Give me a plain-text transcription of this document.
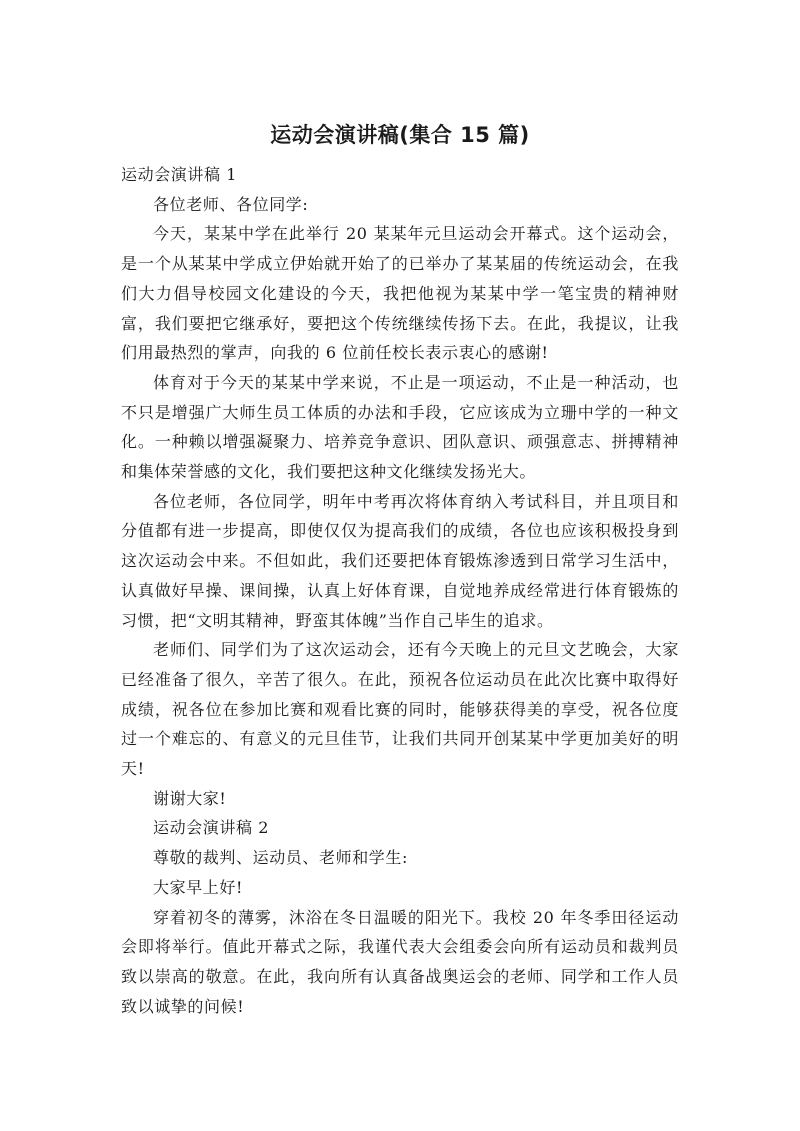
运动会演讲稿(集合 15 篇)

运动会演讲稿 1

各位老师、各位同学:

今天，某某中学在此举行 20 某某年元旦运动会开幕式。这个运动会，是一个从某某中学成立伊始就开始了的已举办了某某届的传统运动会，在我们大力倡导校园文化建设的今天，我把他视为某某中学一笔宝贵的精神财富，我们要把它继承好，要把这个传统继续传扬下去。在此，我提议，让我们用最热烈的掌声，向我的 6 位前任校长表示衷心的感谢!

体育对于今天的某某中学来说，不止是一项运动，不止是一种活动，也不只是增强广大师生员工体质的办法和手段，它应该成为立珊中学的一种文化。一种赖以增强凝聚力、培养竞争意识、团队意识、顽强意志、拼搏精神和集体荣誉感的文化，我们要把这种文化继续发扬光大。

各位老师，各位同学，明年中考再次将体育纳入考试科目，并且项目和分值都有进一步提高，即使仅仅为提高我们的成绩，各位也应该积极投身到这次运动会中来。不但如此，我们还要把体育锻炼渗透到日常学习生活中，认真做好早操、课间操，认真上好体育课，自觉地养成经常进行体育锻炼的习惯，把“文明其精神，野蛮其体魄”当作自己毕生的追求。

老师们、同学们为了这次运动会，还有今天晚上的元旦文艺晚会，大家已经准备了很久，辛苦了很久。在此，预祝各位运动员在此次比赛中取得好成绩，祝各位在参加比赛和观看比赛的同时，能够获得美的享受，祝各位度过一个难忘的、有意义的元旦佳节，让我们共同开创某某中学更加美好的明天!

谢谢大家!

运动会演讲稿 2

尊敬的裁判、运动员、老师和学生:

大家早上好!

穿着初冬的薄雾，沐浴在冬日温暖的阳光下。我校 20 年冬季田径运动会即将举行。值此开幕式之际，我谨代表大会组委会向所有运动员和裁判员致以崇高的敬意。在此，我向所有认真备战奥运会的老师、同学和工作人员致以诚挚的问候!
